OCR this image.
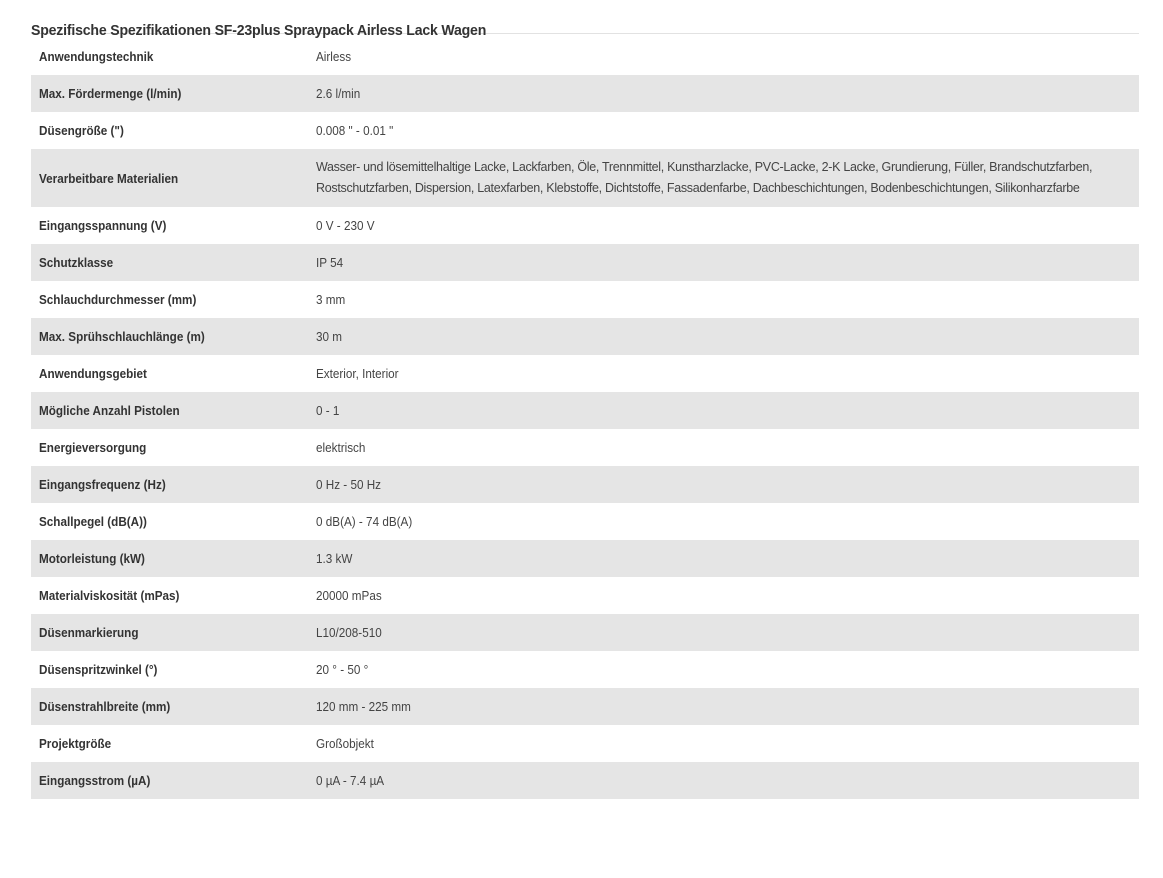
Spezifische Spezifikationen SF-23plus Spraypack Airless Lack Wagen
Anwendungstechnik	Airless
Max. Fördermenge (l/min)	2.6 l/min
Düsengröße (")	0.008 " - 0.01 "
Verarbeitbare Materialien	Wasser- und lösemittelhaltige Lacke, Lackfarben, Öle, Trennmittel, Kunstharzlacke, PVC-Lacke, 2-K Lacke, Grundierung, Füller, Brandschutzfarben, Rostschutzfarben, Dispersion, Latexfarben, Klebstoffe, Dichtstoffe, Fassadenfarbe, Dachbeschichtungen, Bodenbeschichtungen, Silikonharzfarbe

Eingangsspannung (V)	0 V - 230 V
Schutzklasse	IP 54
Schlauchdurchmesser (mm)	3 mm
Max. Sprühschlauchlänge (m)	30 m
Anwendungsgebiet	Exterior, Interior
Mögliche Anzahl Pistolen	0 - 1
Energieversorgung	elektrisch
Eingangsfrequenz (Hz)	0 Hz - 50 Hz
Schallpegel (dB(A))	0 dB(A) - 74 dB(A)
Motorleistung (kW)	1.3 kW
Materialviskosität (mPas)	20000 mPas
Düsenmarkierung	L10/208-510
Düsenspritzwinkel (°)	20 ° - 50 °
Düsenstrahlbreite (mm)	120 mm - 225 mm
Projektgröße	Großobjekt
Eingangsstrom (µA)	0 µA - 7.4 µA
